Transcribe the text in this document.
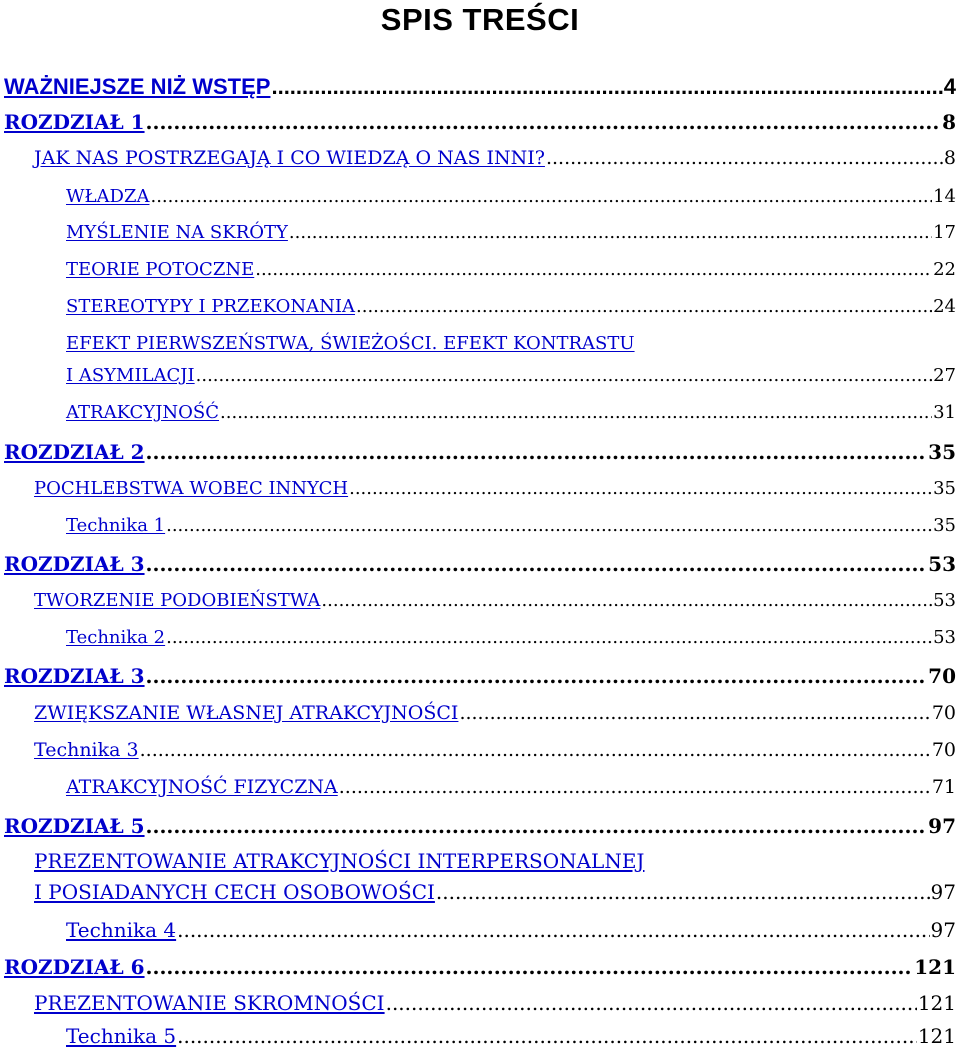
SPIS TREŚCI
WAŻNIEJSZE NIŻ WSTĘP .....	4
ROZDZIAŁ 1 .....	8
JAK NAS POSTRZEGAJĄ I CO WIEDZĄ O NAS INNI? .....	8
WŁADZA .....	14
MYŚLENIE NA SKRÓTY .....	17
TEORIE POTOCZNE .....	22
STEREOTYPY I PRZEKONANIA .....	24
EFEKT PIERWSZEŃSTWA, ŚWIEŻOŚCI. EFEKT KONTRASTU
I ASYMILACJI .....	27
ATRAKCYJNOŚĆ .....	31
ROZDZIAŁ 2 .....	35
POCHLEBSTWA WOBEC INNYCH .....	35
Technika 1 .....	35
ROZDZIAŁ 3 .....	53
TWORZENIE PODOBIEŃSTWA .....	53
Technika 2 .....	53
ROZDZIAŁ 3 .....	70
ZWIĘKSZANIE WŁASNEJ ATRAKCYJNOŚCI .....	70
Technika 3 .....	70
ATRAKCYJNOŚĆ FIZYCZNA .....	71
ROZDZIAŁ 5 .....	97
PREZENTOWANIE ATRAKCYJNOŚCI INTERPERSONALNEJ
I POSIADANYCH CECH OSOBOWOŚCI .....	97
Technika 4 .....	97
ROZDZIAŁ 6 .....	121
PREZENTOWANIE SKROMNOŚCI .....	121
Technika 5 .....	121
